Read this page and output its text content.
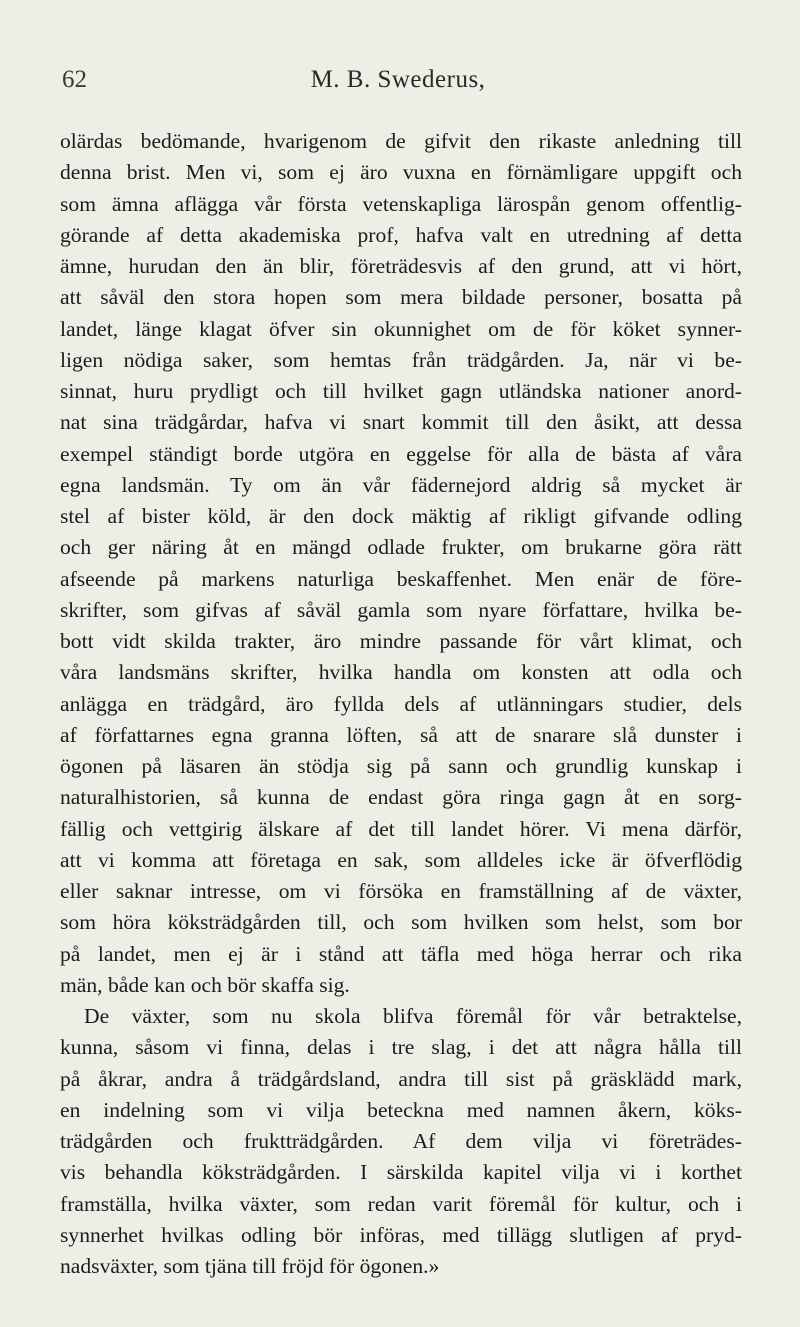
62	M. B. Swederus,
olärdas bedömande, hvarigenom de gifvit den rikaste anledning till
denna brist. Men vi, som ej äro vuxna en förnämligare uppgift och
som ämna aflägga vår första vetenskapliga lärospån genom offentlig-
görande af detta akademiska prof, hafva valt en utredning af detta
ämne, hurudan den än blir, företrädesvis af den grund, att vi hört,
att såväl den stora hopen som mera bildade personer, bosatta på
landet, länge klagat öfver sin okunnighet om de för köket synner-
ligen nödiga saker, som hemtas från trädgården. Ja, när vi be-
sinnat, huru prydligt och till hvilket gagn utländska nationer anord-
nat sina trädgårdar, hafva vi snart kommit till den åsikt, att dessa
exempel ständigt borde utgöra en eggelse för alla de bästa af våra
egna landsmän. Ty om än vår fädernejord aldrig så mycket är
stel af bister köld, är den dock mäktig af rikligt gifvande odling
och ger näring åt en mängd odlade frukter, om brukarne göra rätt
afseende på markens naturliga beskaffenhet. Men enär de före-
skrifter, som gifvas af såväl gamla som nyare författare, hvilka be-
bott vidt skilda trakter, äro mindre passande för vårt klimat, och
våra landsmäns skrifter, hvilka handla om konsten att odla och
anlägga en trädgård, äro fyllda dels af utlänningars studier, dels
af författarnes egna granna löften, så att de snarare slå dunster i
ögonen på läsaren än stödja sig på sann och grundlig kunskap i
naturalhistorien, så kunna de endast göra ringa gagn åt en sorg-
fällig och vettgirig älskare af det till landet hörer. Vi mena därför,
att vi komma att företaga en sak, som alldeles icke är öfverflödig
eller saknar intresse, om vi försöka en framställning af de växter,
som höra köksträdgården till, och som hvilken som helst, som bor
på landet, men ej är i stånd att täfla med höga herrar och rika
män, både kan och bör skaffa sig.
De växter, som nu skola blifva föremål för vår betraktelse,
kunna, såsom vi finna, delas i tre slag, i det att några hålla till
på åkrar, andra å trädgårdsland, andra till sist på gräsklädd mark,
en indelning som vi vilja beteckna med namnen åkern, köks-
trädgården och fruktträdgården. Af dem vilja vi företrädes-
vis behandla köksträdgården. I särskilda kapitel vilja vi i korthet
framställa, hvilka växter, som redan varit föremål för kultur, och i
synnerhet hvilkas odling bör införas, med tillägg slutligen af pryd-
nadsväxter, som tjäna till fröjd för ögonen.»
